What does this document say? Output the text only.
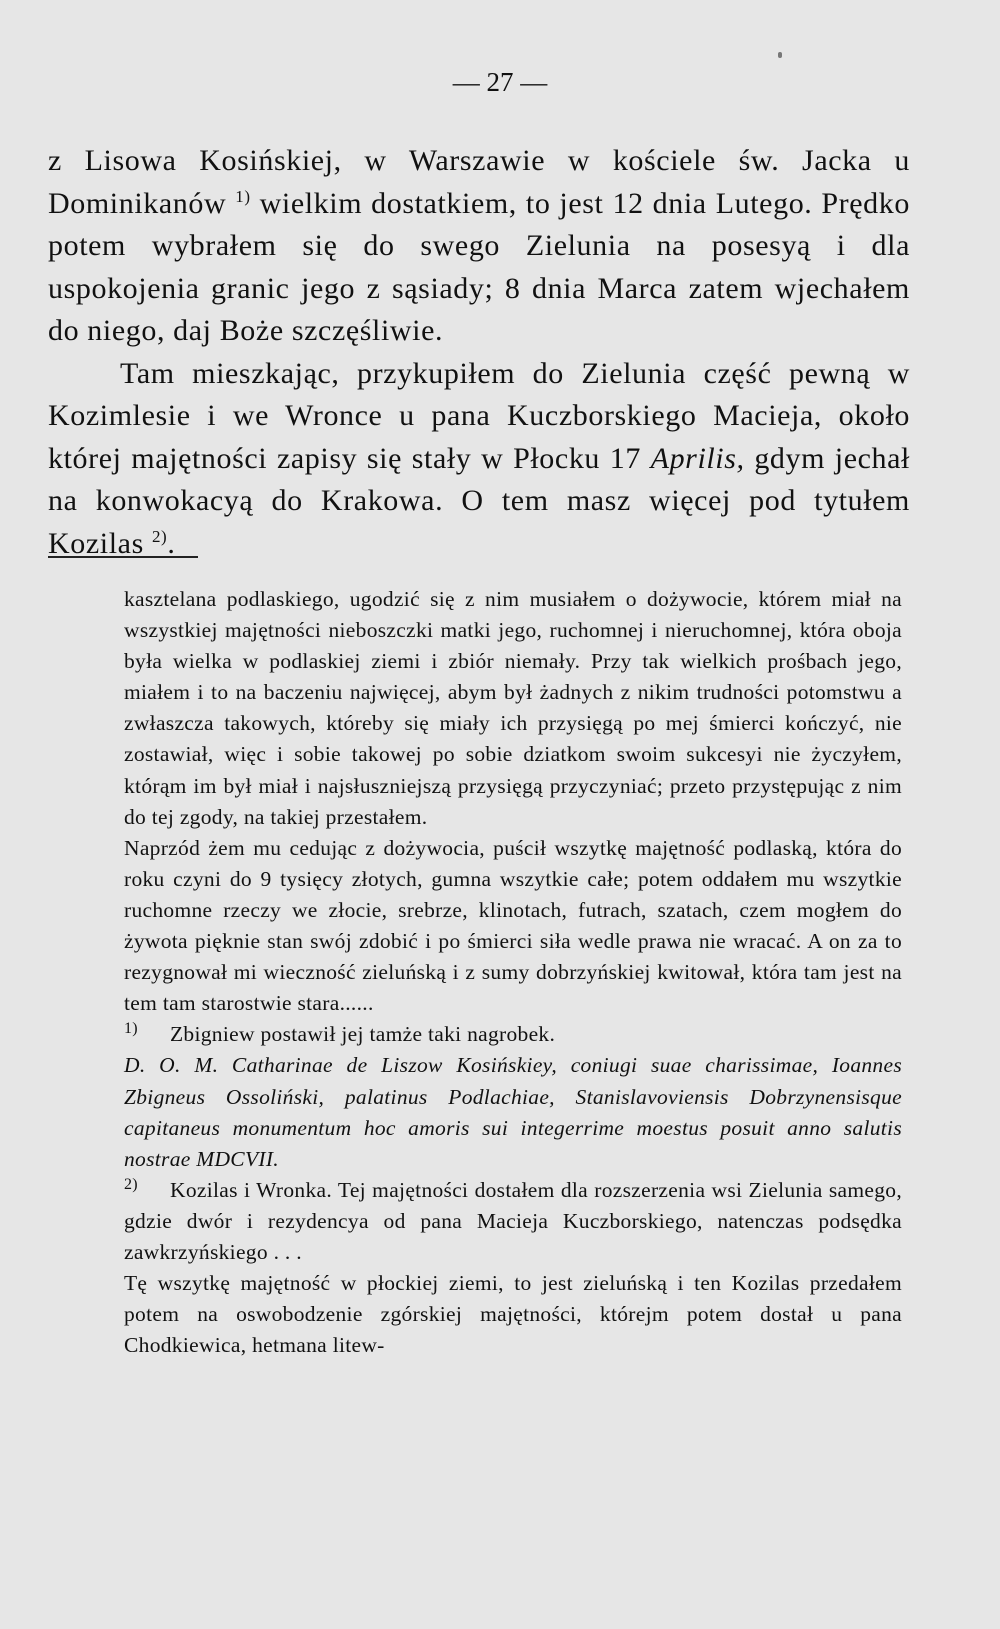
— 27 —

z Lisowa Kosińskiej, w Warszawie w kościele św. Jacka u Dominikanów $^{1)}$ wielkim dostatkiem, to jest 12 dnia Lutego. Prędko potem wybrałem się do swego Zielunia na posesyą i dla uspokojenia granic jego z sąsiady; 8 dnia Marca zatem wjechałem do niego, daj Boże szczęśliwie.

Tam mieszkając, przykupiłem do Zielunia część pewną w Kozimlesie i we Wronce u pana Kuczborskiego Macieja, około której majętności zapisy się stały w Płocku 17 Aprilis, gdym jechał na konwokacyą do Krakowa. O tem masz więcej pod tytułem Kozilas $^{2)}$.

kasztelana podlaskiego, ugodzić się z nim musiałem o dożywocie, którem miał na wszystkiej majętności nieboszczki matki jego, ruchomnej i nieruchomnej, która oboja była wielka w podlaskiej ziemi i zbiór niemały. Przy tak wielkich prośbach jego, miałem i to na baczeniu najwięcej, abym był żadnych z nikim trudności potomstwu a zwłaszcza takowych, któreby się miały ich przysięgą po mej śmierci kończyć, nie zostawiał, więc i sobie takowej po sobie dziatkom swoim sukcesyi nie życzyłem, którąm im był miał i najsłuszniejszą przysięgą przyczyniać; przeto przystępując z nim do tej zgody, na takiej przestałem.

Naprzód żem mu cedując z dożywocia, puścił wszytkę majętność podlaską, która do roku czyni do 9 tysięcy złotych, gumna wszytkie całe; potem oddałem mu wszytkie ruchomne rzeczy we złocie, srebrze, klinotach, futrach, szatach, czem mogłem do żywota pięknie stan swój zdobić i po śmierci siła wedle prawa nie wracać. A on za to rezygnował mi wieczność zieluńską i z sumy dobrzyńskiej kwitował, która tam jest na tem tam starostwie stara......

1) Zbigniew postawił jej tamże taki nagrobek.

D. O. M. Catharinae de Liszow Kosińskiey, coniugi suae charissimae, Ioannes Zbigneus Ossoliński, palatinus Podlachiae, Stanislavoviensis Dobrzynensisque capitaneus monumentum hoc amoris sui integerrime moestus posuit anno salutis nostrae MDCVII.

2) Kozilas i Wronka. Tej majętności dostałem dla rozszerzenia wsi Zielunia samego, gdzie dwór i rezydencya od pana Macieja Kuczborskiego, natenczas podsędka zawkrzyńskiego . . .

Tę wszytkę majętność w płockiej ziemi, to jest zieluńską i ten Kozilas przedałem potem na oswobodzenie zgórskiej majętności, którejm potem dostał u pana Chodkiewica, hetmana litew-
